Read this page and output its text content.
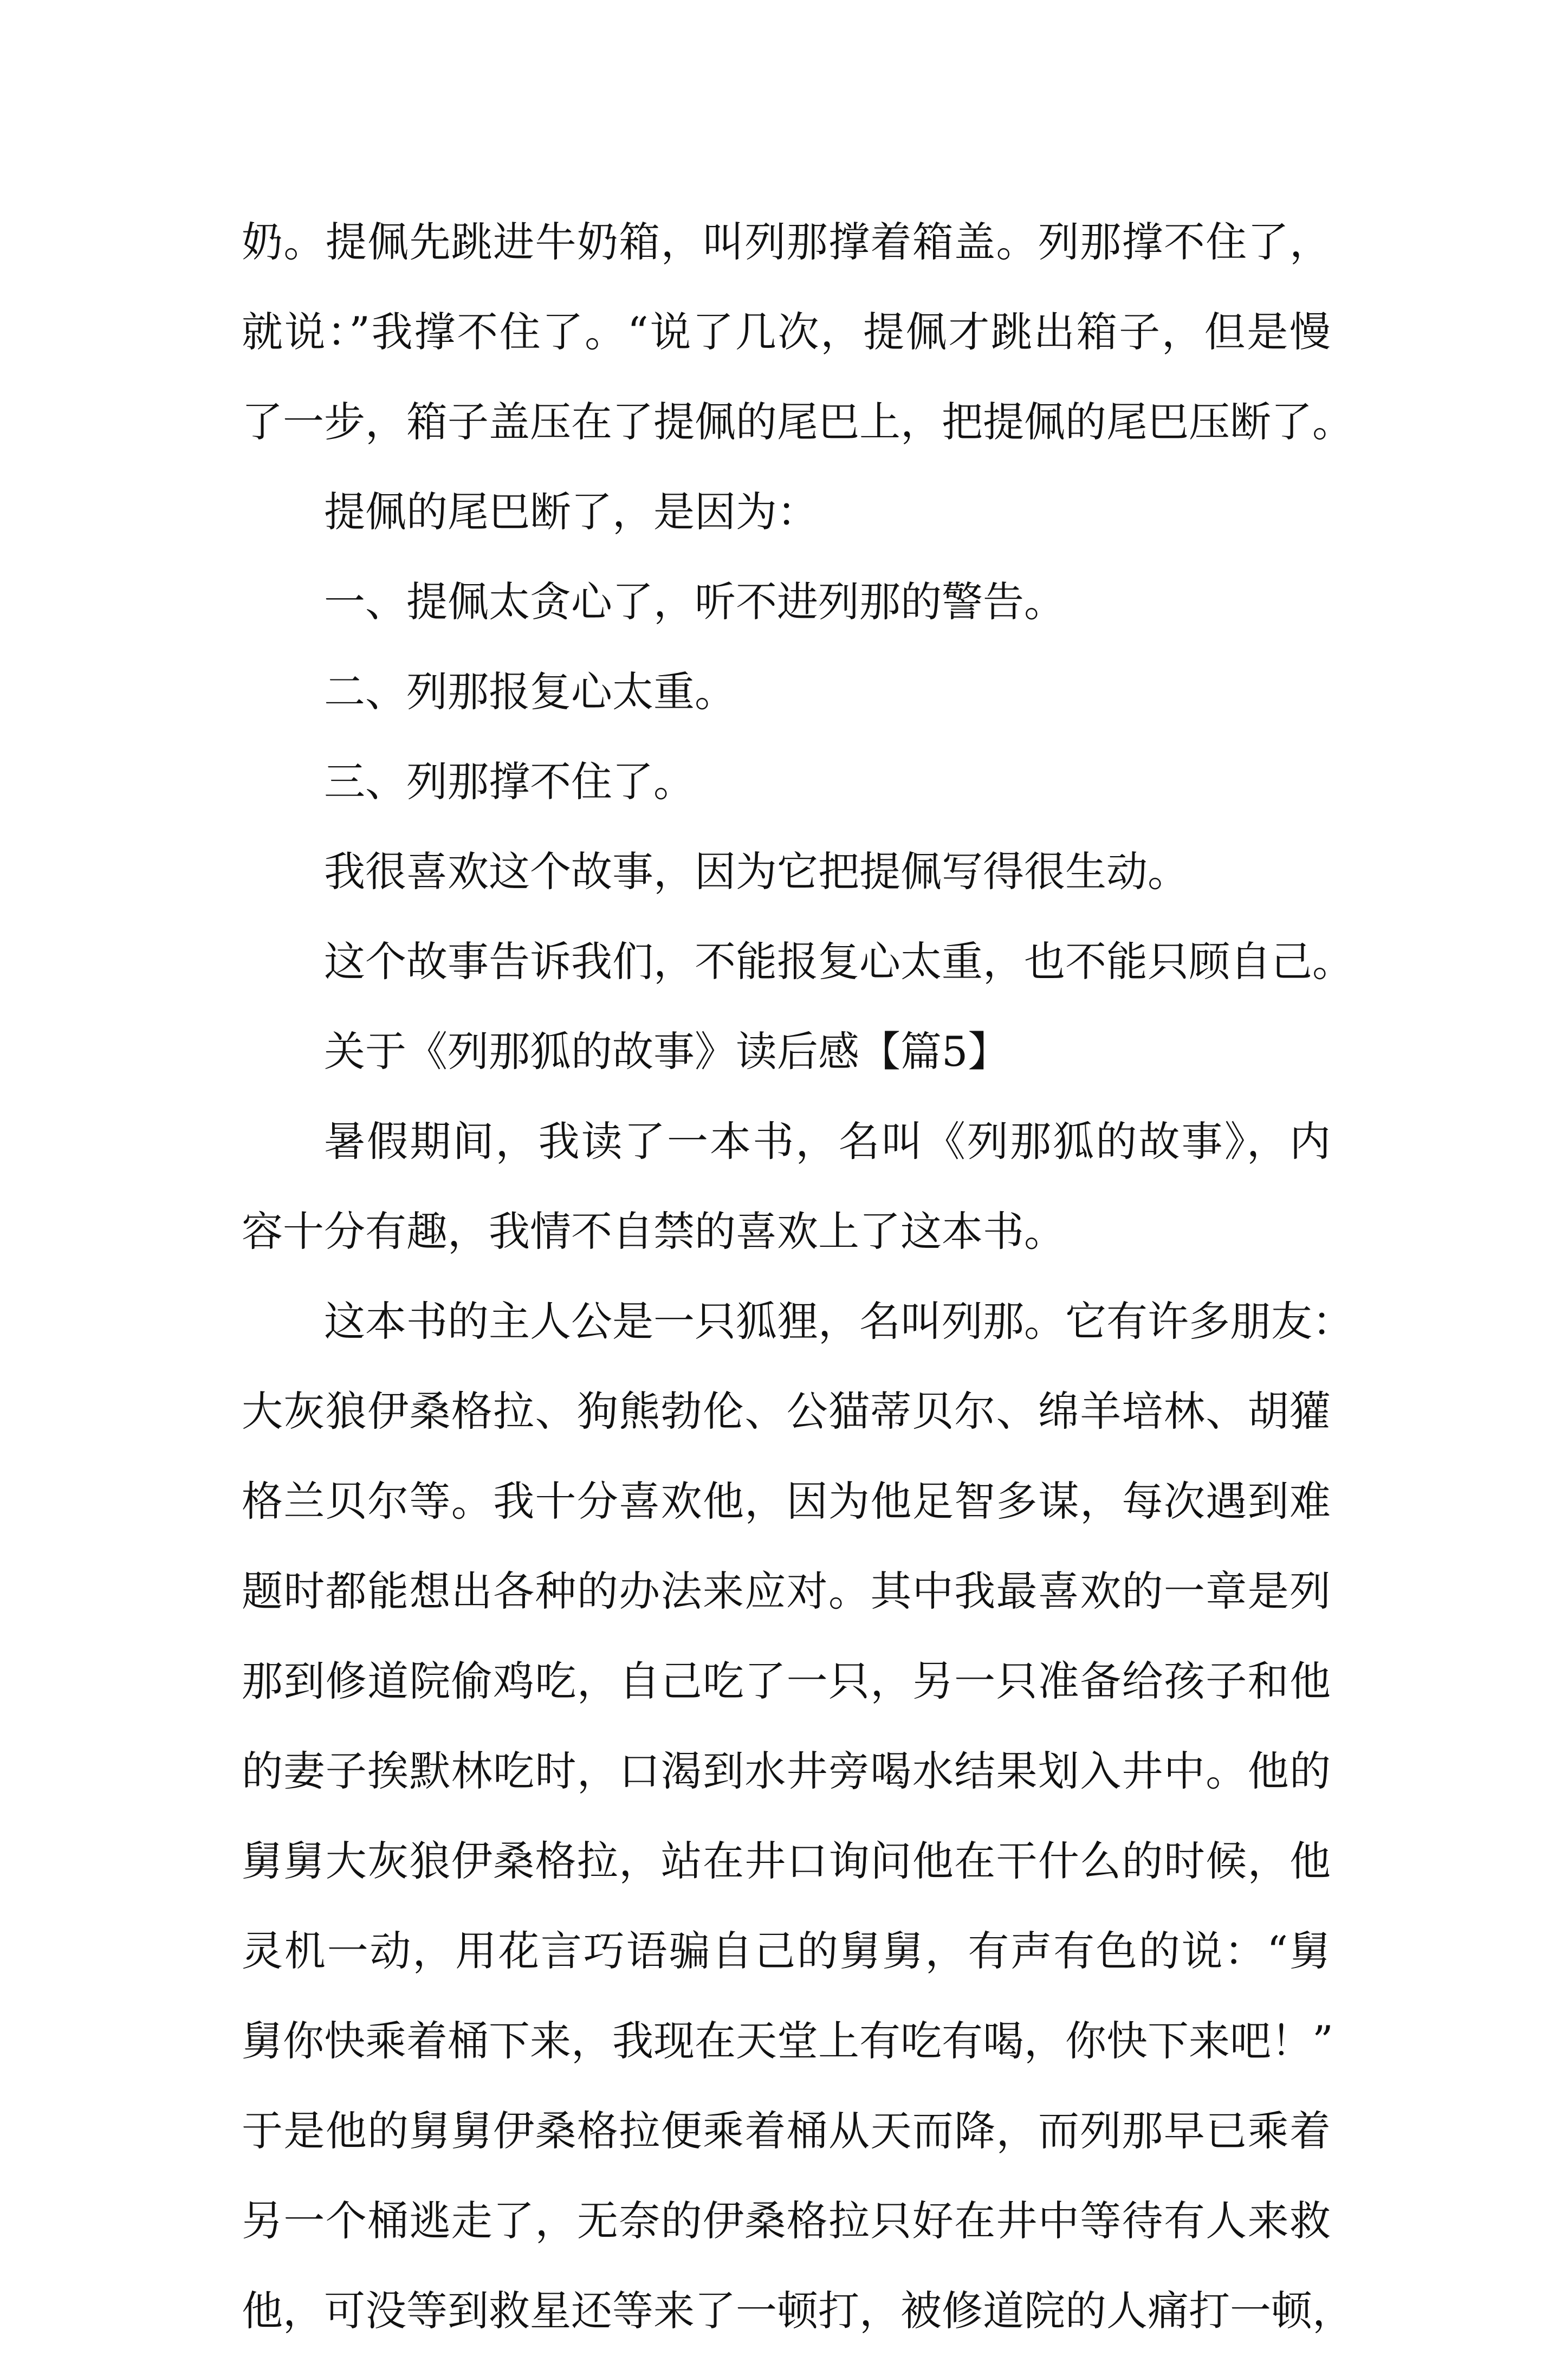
奶。提佩先跳进牛奶箱，叫列那撑着箱盖。列那撑不住了，
就说：”我撑不住了。“说了几次，提佩才跳出箱子，但是慢
了一步，箱子盖压在了提佩的尾巴上，把提佩的尾巴压断了。
提佩的尾巴断了，是因为：
一、提佩太贪心了，听不进列那的警告。
二、列那报复心太重。
三、列那撑不住了。
我很喜欢这个故事，因为它把提佩写得很生动。
这个故事告诉我们，不能报复心太重，也不能只顾自己。
关于《列那狐的故事》读后感【篇5】
暑假期间，我读了一本书，名叫《列那狐的故事》，内
容十分有趣，我情不自禁的喜欢上了这本书。
这本书的主人公是一只狐狸，名叫列那。它有许多朋友：
大灰狼伊桑格拉、狗熊勃伦、公猫蒂贝尔、绵羊培林、胡獾
格兰贝尔等。我十分喜欢他，因为他足智多谋，每次遇到难
题时都能想出各种的办法来应对。其中我最喜欢的一章是列
那到修道院偷鸡吃，自己吃了一只，另一只准备给孩子和他
的妻子挨默林吃时，口渴到水井旁喝水结果划入井中。他的
舅舅大灰狼伊桑格拉，站在井口询问他在干什么的时候，他
灵机一动，用花言巧语骗自己的舅舅，有声有色的说：“舅
舅你快乘着桶下来，我现在天堂上有吃有喝，你快下来吧！”
于是他的舅舅伊桑格拉便乘着桶从天而降，而列那早已乘着
另一个桶逃走了，无奈的伊桑格拉只好在井中等待有人来救
他，可没等到救星还等来了一顿打，被修道院的人痛打一顿，
